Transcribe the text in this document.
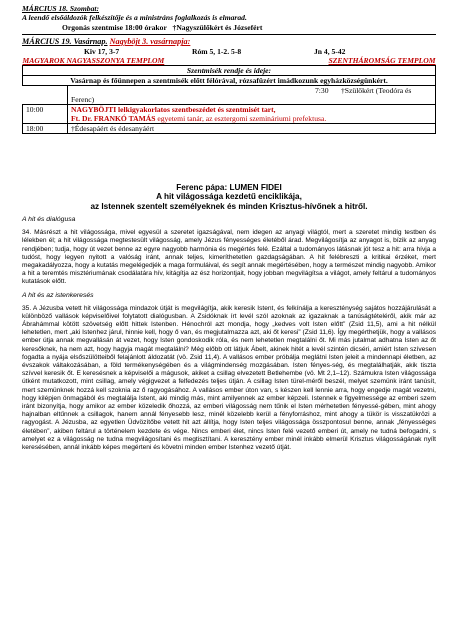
MÁRCIUS 18. Szombat:
A leendő elsőáldozók felkészítője és a ministráns foglalkozás is elmarad.
Orgonás szentmise 18:00 órakor †Nagyszülőkért és Józsefért
MÁRCIUS 19. Vasárnap. Nagyböjt 3. vasárnapja:
Kiv 17, 3-7	Róm 5, 1-2. 5-8	Jn 4, 5-42
MAGYAROK NAGYASSZONYA TEMPLOM SZENTHÁROMSÁG TEMPLOM	

Szentmisék rendje és ideje:	
Vasárnap és főünnepen a szentmisék előtt félórával, rózsafüzért imádkozunk egyházközségünkért.	
	7:30 †Szülőkért (Teodóra és Ferenc)
10:00	NAGYBÖJTI lelkigyakorlatos szentbeszédet és szentmisét tart,
Ft. Dr. FRANKÓ TAMÁS egyetemi tanár, az esztergomi szemináriumi prefektusa.

18:00	†Édesapáért és édesanyáért
Ferenc pápa: LUMEN FIDEI
A hit világossága kezdetű enciklikája,
az Istennek szentelt személyeknek és minden Krisztus-hívőnek a hitről.
A hit és dialógusa
34. Másrészt a hit világossága, mivel egyesül a szeretet igazságával, nem idegen az anyagi világtól, mert a szeretet mindig testben és lélekben él; a hit világossága megtestesült világosság, amely Jézus fényességes életéből árad. Megvilágosítja az anyagot is, bízik az anyag rendjében; tudja, hogy út vezet benne az egyre nagyobb harmónia és megértés felé. Ezáltal a tudományos látásnak jót tesz a hit: arra hívja a tudóst, hogy legyen nyitott a valóság iránt, annak teljes, kimeríthetetlen gazdagságában. A hit felébreszti a kritikai érzéket, mert megakadályozza, hogy a kutatás megelégedjék a maga formuláival, és segít annak megértésében, hogy a természet mindig nagyobb. Amikor a hit a teremtés misztériumának csodálatára hív, kitágítja az ész horizontjait, hogy jobban megvilágítsa a világot, amely feltárul a tudományos kutatások előtt.
A hit és az istenkeresés
35. A Jézusba vetett hit világossága mindazok útját is megvilágítja, akik keresik Istent, és felkínálja a kereszténység sajátos hozzájárulását a különböző vallások képviselőivel folytatott dialógusban. A Zsidóknak írt levél szól azoknak az igazaknak a tanúságtételéről, akik már az Ábrahámmal kötött szövetség előtt hittek Istenben. Hénochról azt mondja, hogy „kedves volt Isten előtt” (Zsid 11,5), ami a hit nélkül lehetetlen, mert „aki Istenhez járul, hinnie kell, hogy ő van, és megjutalmazza azt, aki őt keresi” (Zsid 11,6). Így megérthetjük, hogy a vallásos ember útja annak megvallásán át vezet, hogy Isten gondoskodik róla, és nem lehetetlen megtalálni őt. Mi más jutalmat adhatna Isten az őt keresőknek, ha nem azt, hogy hagyja magát megtalálni? Még előbb ott látjuk Ábelt, akinek hitét a levél szintén dicséri, amiért Isten szívesen fogadta a nyája elsőszülötteiből felajánlott áldozatát (vö. Zsid 11,4). A vallásos ember próbálja meglátni Isten jeleit a mindennapi életben, az évszakok váltakozásában, a föld termékenységében és a világmindenség mozgásában. Isten fényes-ség, és megtalálhatják, akik tiszta szívvel keresik őt. E keresésnek a képviselői a mágusok, akiket a csillag elvezetett Betlehembe (vö. Mt 2,1–12). Számukra Isten világossága útként mutatkozott, mint csillag, amely végigvezet a felfedezés teljes útján. A csillag Isten türel-méről beszél, melyet szemünk iránt tanúsít, mert szemünknek hozzá kell szoknia az ő ragyogásához. A vallásos ember úton van, s készen kell lennie arra, hogy engedje magát vezetni, hogy kilépjen önmagából és megtalálja Istent, aki mindig más, mint amilyennek az ember képzeli. Istennek e figyelmessége az emberi szem iránt bizonyítja, hogy amikor az ember közeledik őhozzá, az emberi világosság nem tűnik el Isten mérhetetlen fényessé-gében, mint ahogy hajnalban eltűnnek a csillagok, hanem annál fényesebb lesz, minél közelebb kerül a fényforráshoz, mint ahogy a tükör is visszatükrözi a ragyogást. A Jézusba, az egyetlen Üdvözítőbe vetett hit azt állítja, hogy Isten teljes világossága összpontosul benne, annak „fényességes életében”, akiben feltárul a történelem kezdete és vége. Nincs emberi élet, nincs Isten felé vezető emberi út, amely ne tudná befogadni, s amelyet ez a világosság ne tudna megvilágosítani és megtisztítani. A keresztény ember minél inkább elmerül Krisztus világosságának nyílt keresésében, annál inkább képes megérteni és követni minden ember Istenhez vezető útját.
